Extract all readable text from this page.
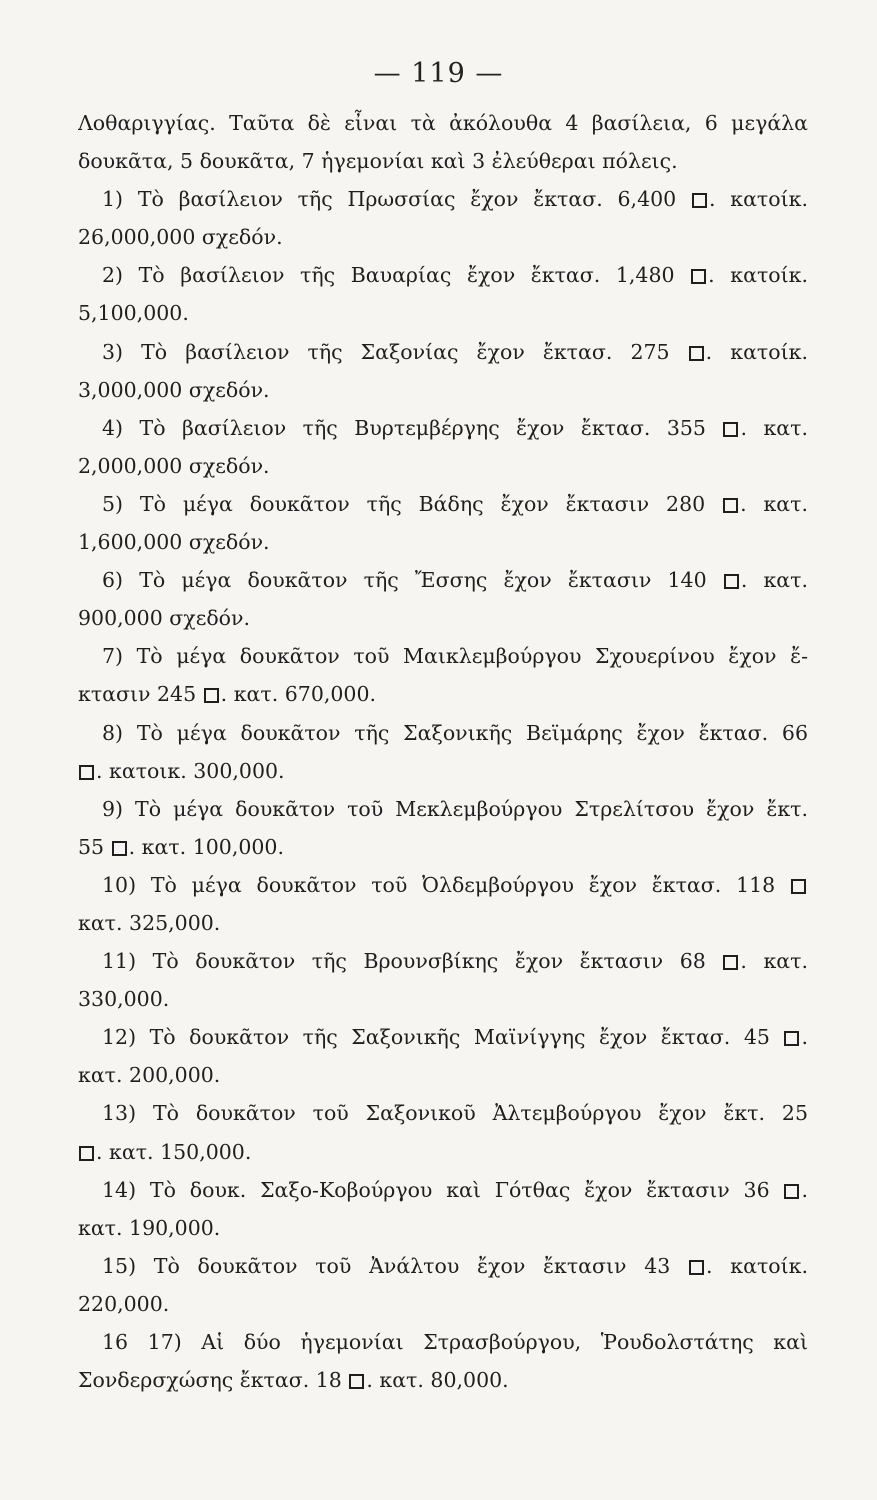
— 119 —
Λοθαριγγίας. Ταῦτα δὲ εἶναι τὰ ἀκόλουθα 4 βασίλεια, 6 μεγάλα
δουκᾶτα, 5 δουκᾶτα, 7 ἡγεμονίαι καὶ 3 ἐλεύθεραι πόλεις.
1) Τὸ βασίλειον τῆς Πρωσσίας ἔχον ἔκτασ. 6,400 . κατοίκ.
26,000,000 σχεδόν.
2) Τὸ βασίλειον τῆς Βαυαρίας ἔχον ἔκτασ. 1,480 . κατοίκ.
5,100,000.
3) Τὸ βασίλειον τῆς Σαξονίας ἔχον ἔκτασ. 275 . κατοίκ.
3,000,000 σχεδόν.
4) Τὸ βασίλειον τῆς Βυρτεμβέργης ἔχον ἔκτασ. 355 . κατ.
2,000,000 σχεδόν.
5) Τὸ μέγα δουκᾶτον τῆς Βάδης ἔχον ἔκτασιν 280 . κατ.
1,600,000 σχεδόν.
6) Τὸ μέγα δουκᾶτον τῆς Ἔσσης ἔχον ἔκτασιν 140 . κατ.
900,000 σχεδόν.
7) Τὸ μέγα δουκᾶτον τοῦ Μαικλεμβούργου Σχουερίνου ἔχον ἔ-
κτασιν 245 . κατ. 670,000.
8) Τὸ μέγα δουκᾶτον τῆς Σαξονικῆς Βεϊμάρης ἔχον ἔκτασ. 66
. κατοικ. 300,000.
9) Τὸ μέγα δουκᾶτον τοῦ Μεκλεμβούργου Στρελίτσου ἔχον ἔκτ.
55 . κατ. 100,000.
10) Τὸ μέγα δουκᾶτον τοῦ Ὀλδεμβούργου ἔχον ἔκτασ. 118
κατ. 325,000.
11) Τὸ δουκᾶτον τῆς Βρουνσβίκης ἔχον ἔκτασιν 68 . κατ.
330,000.
12) Τὸ δουκᾶτον τῆς Σαξονικῆς Μαϊνίγγης ἔχον ἔκτασ. 45 .
κατ. 200,000.
13) Τὸ δουκᾶτον τοῦ Σαξονικοῦ Ἀλτεμβούργου ἔχον ἔκτ. 25
. κατ. 150,000.
14) Τὸ δουκ. Σαξο-Κοβούργου καὶ Γότθας ἔχον ἔκτασιν 36 .
κατ. 190,000.
15) Τὸ δουκᾶτον τοῦ Ἀνάλτου ἔχον ἔκτασιν 43 . κατοίκ.
220,000.
16 17) Αἱ δύο ἡγεμονίαι Στρασβούργου, Ῥουδολστάτης καὶ
Σονδερσχώσης ἔκτασ. 18 . κατ. 80,000.
